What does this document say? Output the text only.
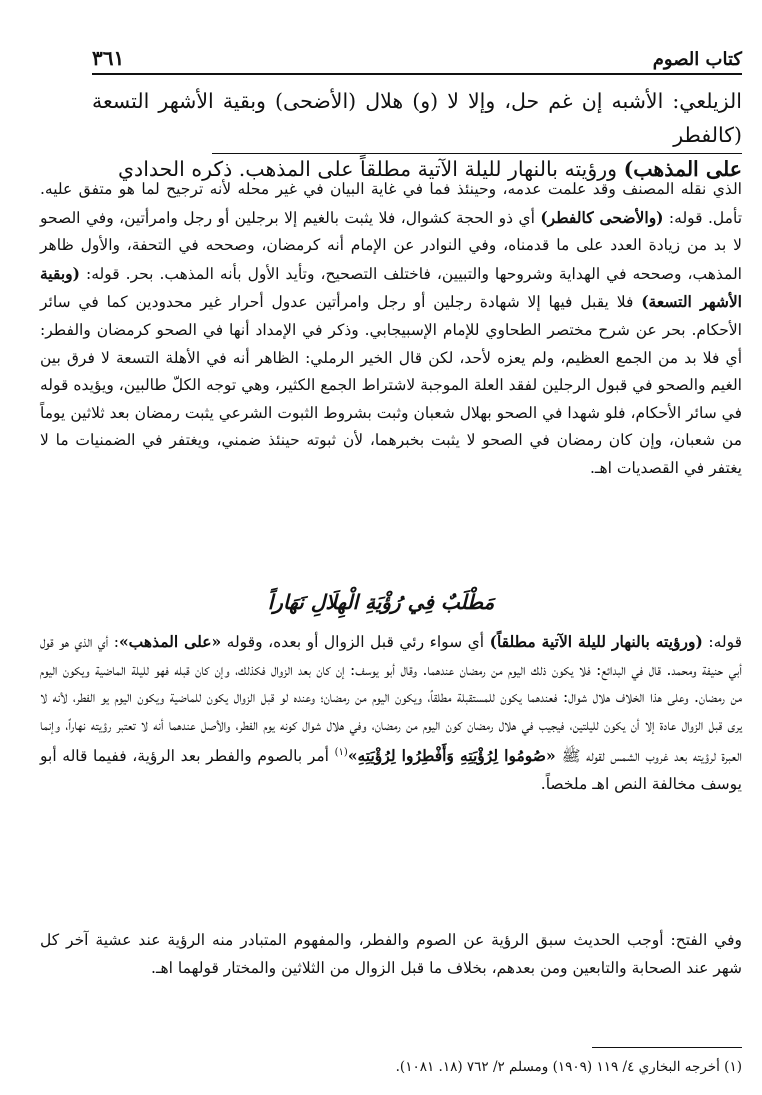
كتاب الصوم
٣٦١
الزيلعي: الأشبه إن غم حل، وإلا لا (و) هلال (الأضحى) وبقية الأشهر التسعة (كالفطر
على المذهب) ورؤيته بالنهار لليلة الآتية مطلقاً على المذهب. ذكره الحدادي
الذي نقله المصنف وقد علمت عدمه، وحينئذ فما في غاية البيان في غير محله لأنه ترجيح لما هو متفق عليه. تأمل. قوله: (والأضحى كالفطر) أي ذو الحجة كشوال، فلا يثبت بالغيم إلا برجلين أو رجل وامرأتين، وفي الصحو لا بد من زيادة العدد على ما قدمناه، وفي النوادر عن الإمام أنه كرمضان، وصححه في التحفة، والأول ظاهر المذهب، وصححه في الهداية وشروحها والتبيين، فاختلف التصحيح، وتأيد الأول بأنه المذهب. بحر. قوله: (وبقية الأشهر التسعة) فلا يقبل فيها إلا شهادة رجلين أو رجل وامرأتين عدول أحرار غير محدودين كما في سائر الأحكام. بحر عن شرح مختصر الطحاوي للإمام الإسبيجابي. وذكر في الإمداد أنها في الصحو كرمضان والفطر: أي فلا بد من الجمع العظيم، ولم يعزه لأحد، لكن قال الخير الرملي: الظاهر أنه في الأهلة التسعة لا فرق بين الغيم والصحو في قبول الرجلين لفقد العلة الموجبة لاشتراط الجمع الكثير، وهي توجه الكلّ طالبين، ويؤيده قوله في سائر الأحكام، فلو شهدا في الصحو بهلال شعبان وثبت بشروط الثبوت الشرعي يثبت رمضان بعد ثلاثين يوماً من شعبان، وإن كان رمضان في الصحو لا يثبت بخبرهما، لأن ثبوته حينئذ ضمني، ويغتفر في الضمنيات ما لا يغتفر في القصديات اهـ.
مَطْلَبٌ فِي رُؤْيَةِ الْهِلَالِ نَهَاراً
قوله: (ورؤيته بالنهار لليلة الآتية مطلقاً) أي سواء رئي قبل الزوال أو بعده، وقوله «على المذهب»: أي الذي هو قول أبي حنيفة ومحمد. قال في البدائع: فلا يكون ذلك اليوم من رمضان عندهما. وقال أبو يوسف: إن كان بعد الزوال فكذلك، وإن كان قبله فهو لليلة الماضية ويكون اليوم من رمضان. وعلى هذا الخلاف هلال شوال: فعندهما يكون للمستقبلة مطلقاً، ويكون اليوم من رمضان؛ وعنده لو قبل الزوال يكون للماضية ويكون اليوم يو الفطر، لأنه لا يرى قبل الزوال عادة إلا أن يكون لليلتين، فيجيب في هلال رمضان كون اليوم من رمضان، وفي هلال شوال كونه يوم الفطر، والأصل عندهما أنه لا تعتبر رؤيته نهاراً، وإنما العبرة لرؤيته بعد غروب الشمس لقوله ﷺ «صُومُوا لِرُؤْيَتِهِ وَأَفْطِرُوا لِرُؤْيَتِهِ»$^{(١)}$ أمر بالصوم والفطر بعد الرؤية، ففيما قاله أبو يوسف مخالفة النص اهـ ملخصاً.
وفي الفتح: أوجب الحديث سبق الرؤية عن الصوم والفطر، والمفهوم المتبادر منه الرؤية عند عشية آخر كل شهر عند الصحابة والتابعين ومن بعدهم، بخلاف ما قبل الزوال من الثلاثين والمختار قولهما اهـ.
(١) أخرجه البخاري ٤/ ١١٩ (١٩٠٩) ومسلم ٢/ ٧٦٢ (١٨. ١٠٨١).
